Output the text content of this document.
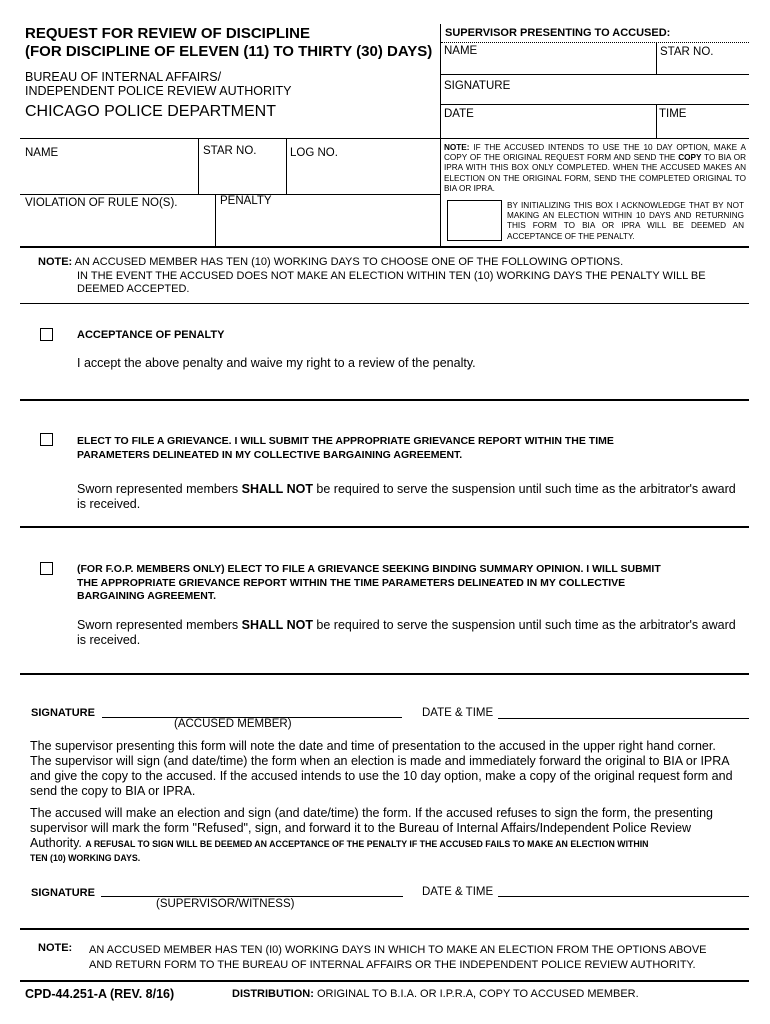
REQUEST FOR REVIEW OF DISCIPLINE
(FOR DISCIPLINE OF ELEVEN (11) TO THIRTY (30) DAYS)
BUREAU OF INTERNAL AFFAIRS/
INDEPENDENT POLICE REVIEW AUTHORITY
CHICAGO POLICE DEPARTMENT
SUPERVISOR PRESENTING TO ACCUSED:
NAME	STAR NO.
SIGNATURE
DATE	TIME
NAME	STAR NO.	LOG NO.
VIOLATION OF RULE NO(S).	PENALTY
NOTE: IF THE ACCUSED INTENDS TO USE THE 10 DAY OPTION, MAKE A COPY OF THE ORIGINAL REQUEST FORM AND SEND THE COPY TO BIA OR IPRA WITH THIS BOX ONLY COMPLETED. WHEN THE ACCUSED MAKES AN ELECTION ON THE ORIGINAL FORM, SEND THE COMPLETED ORIGINAL TO BIA OR IPRA.
BY INITIALIZING THIS BOX I ACKNOWLEDGE THAT BY NOT MAKING AN ELECTION WITHIN 10 DAYS AND RETURNING THIS FORM TO BIA OR IPRA WILL BE DEEMED AN ACCEPTANCE OF THE PENALTY.
NOTE: AN ACCUSED MEMBER HAS TEN (10) WORKING DAYS TO CHOOSE ONE OF THE FOLLOWING OPTIONS.
IN THE EVENT THE ACCUSED DOES NOT MAKE AN ELECTION WITHIN TEN (10) WORKING DAYS THE PENALTY WILL BE
DEEMED ACCEPTED.
ACCEPTANCE OF PENALTY
I accept the above penalty and waive my right to a review of the penalty.
ELECT TO FILE A GRIEVANCE. I WILL SUBMIT THE APPROPRIATE GRIEVANCE REPORT WITHIN THE TIME
PARAMETERS DELINEATED IN MY COLLECTIVE BARGAINING AGREEMENT.
Sworn represented members SHALL NOT be required to serve the suspension until such time as the arbitrator's award
is received.
(FOR F.O.P. MEMBERS ONLY) ELECT TO FILE A GRIEVANCE SEEKING BINDING SUMMARY OPINION. I WILL SUBMIT
THE APPROPRIATE GRIEVANCE REPORT WITHIN THE TIME PARAMETERS DELINEATED IN MY COLLECTIVE
BARGAINING AGREEMENT.
Sworn represented members SHALL NOT be required to serve the suspension until such time as the arbitrator's award
is received.
SIGNATURE
(ACCUSED MEMBER)
DATE & TIME
The supervisor presenting this form will note the date and time of presentation to the accused in the upper right hand corner.
The supervisor will sign (and date/time) the form when an election is made and immediately forward the original to BIA or IPRA
and give the copy to the accused. If the accused intends to use the 10 day option, make a copy of the original request form and
send the copy to BIA or IPRA.
The accused will make an election and sign (and date/time) the form. If the accused refuses to sign the form, the presenting
supervisor will mark the form "Refused", sign, and forward it to the Bureau of Internal Affairs/Independent Police Review
Authority. A REFUSAL TO SIGN WILL BE DEEMED AN ACCEPTANCE OF THE PENALTY IF THE ACCUSED FAILS TO MAKE AN ELECTION WITHIN
TEN (10) WORKING DAYS.
SIGNATURE
(SUPERVISOR/WITNESS)
DATE & TIME
NOTE: AN ACCUSED MEMBER HAS TEN (I0) WORKING DAYS IN WHICH TO MAKE AN ELECTION FROM THE OPTIONS ABOVE
AND RETURN FORM TO THE BUREAU OF INTERNAL AFFAIRS OR THE INDEPENDENT POLICE REVIEW AUTHORITY.
CPD-44.251-A (REV. 8/16)	DISTRIBUTION: ORIGINAL TO B.I.A. OR I.P.R.A, COPY TO ACCUSED MEMBER.
